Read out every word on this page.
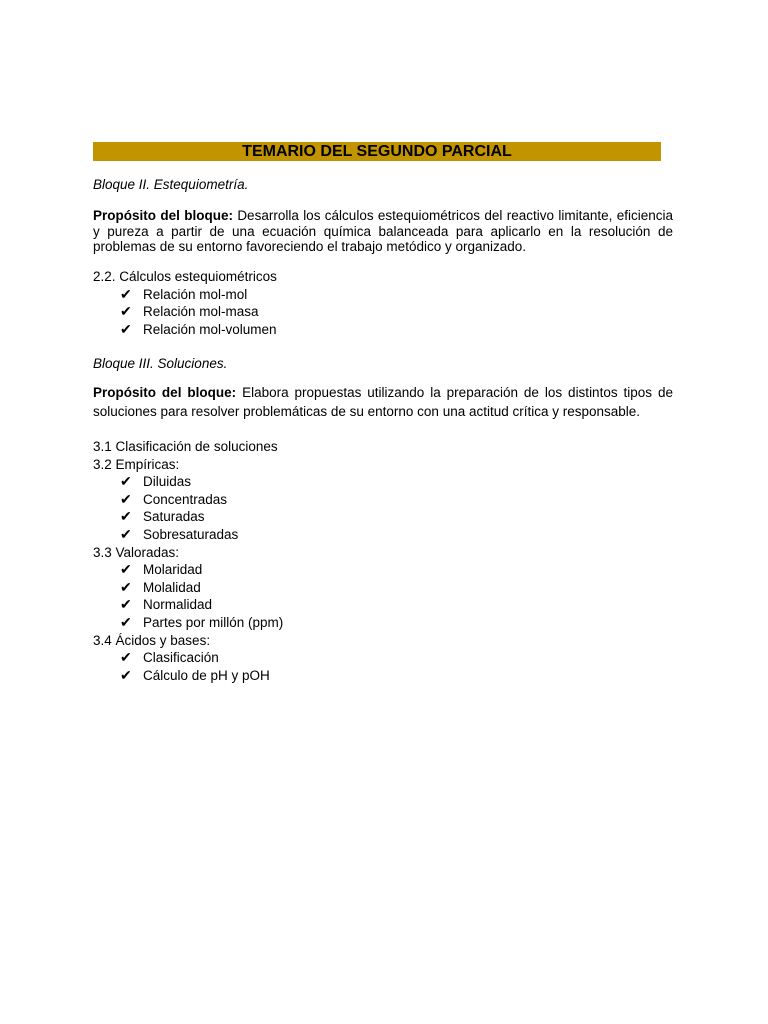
TEMARIO DEL SEGUNDO PARCIAL
Bloque II. Estequiometría.
Propósito del bloque: Desarrolla los cálculos estequiométricos del reactivo limitante, eficiencia y pureza a partir de una ecuación química balanceada para aplicarlo en la resolución de problemas de su entorno favoreciendo el trabajo metódico y organizado.
2.2. Cálculos estequiométricos
✔ Relación mol-mol
✔ Relación mol-masa
✔ Relación mol-volumen
Bloque III. Soluciones.
Propósito del bloque: Elabora propuestas utilizando la preparación de los distintos tipos de soluciones para resolver problemáticas de su entorno con una actitud crítica y responsable.
3.1 Clasificación de soluciones
3.2 Empíricas:
✔ Diluidas
✔ Concentradas
✔ Saturadas
✔ Sobresaturadas
3.3 Valoradas:
✔ Molaridad
✔ Molalidad
✔ Normalidad
✔ Partes por millón (ppm)
3.4 Ácidos y bases:
✔ Clasificación
✔ Cálculo de pH y pOH
